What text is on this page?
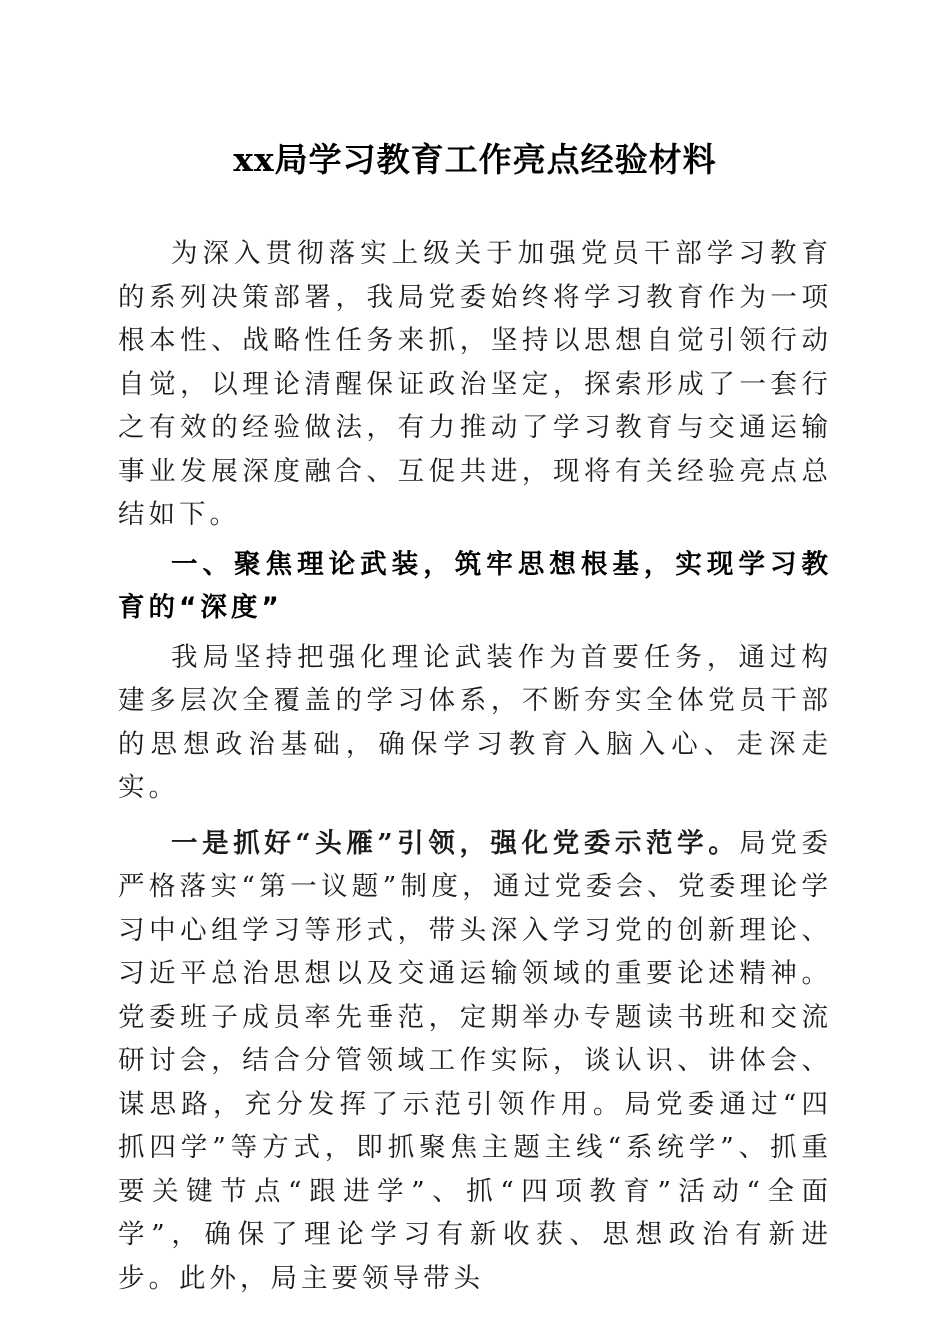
xx局学习教育工作亮点经验材料

为深入贯彻落实上级关于加强党员干部学习教育的系列决策部署，我局党委始终将学习教育作为一项根本性、战略性任务来抓，坚持以思想自觉引领行动自觉，以理论清醒保证政治坚定，探索形成了一套行之有效的经验做法，有力推动了学习教育与交通运输事业发展深度融合、互促共进，现将有关经验亮点总结如下。

一、聚焦理论武装，筑牢思想根基，实现学习教育的“深度”

我局坚持把强化理论武装作为首要任务，通过构建多层次全覆盖的学习体系，不断夯实全体党员干部的思想政治基础，确保学习教育入脑入心、走深走实。

一是抓好“头雁”引领，强化党委示范学。局党委严格落实“第一议题”制度，通过党委会、党委理论学习中心组学习等形式，带头深入学习党的创新理论、习近平总治思想以及交通运输领域的重要论述精神。党委班子成员率先垂范，定期举办专题读书班和交流研讨会，结合分管领域工作实际，谈认识、讲体会、谋思路，充分发挥了示范引领作用。局党委通过“四抓四学”等方式，即抓聚焦主题主线“系统学”、抓重要关键节点“跟进学”、抓“四项教育”活动“全面学”，确保了理论学习有新收获、思想政治有新进步。此外，局主要领导带头
